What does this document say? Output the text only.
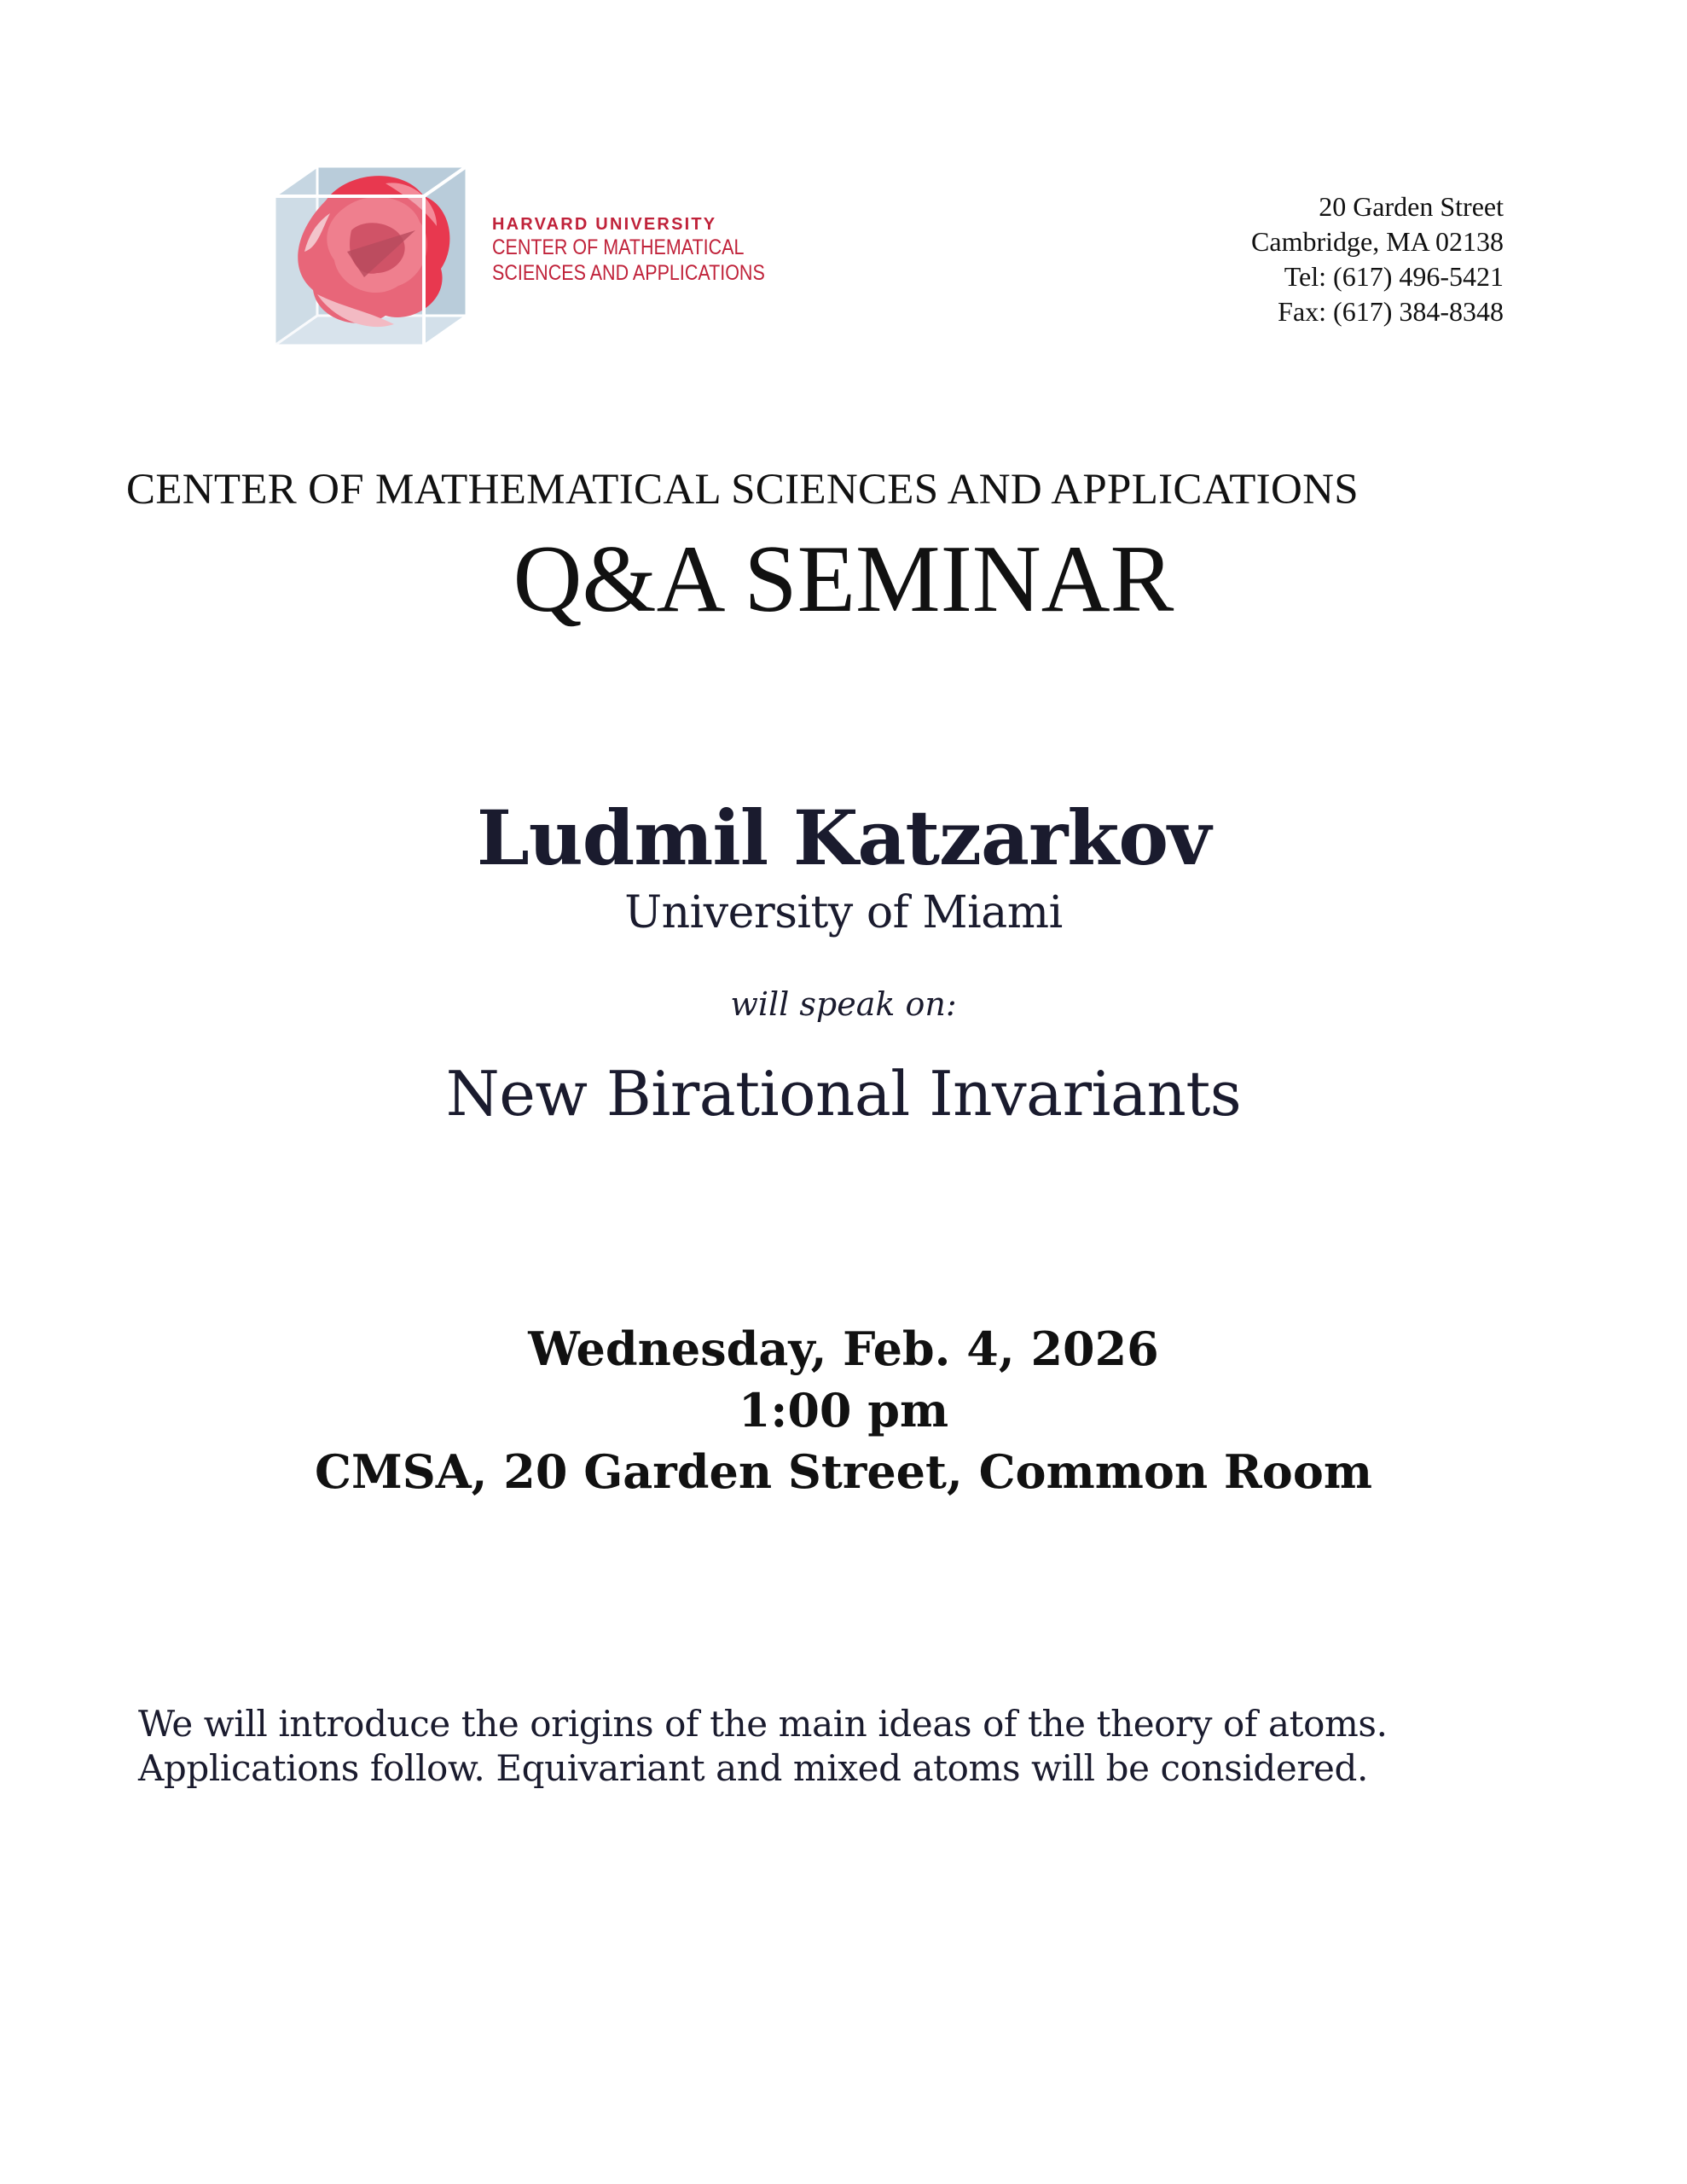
HARVARD UNIVERSITY
CENTER OF MATHEMATICAL
SCIENCES AND APPLICATIONS
20 Garden Street
Cambridge, MA 02138
Tel: (617) 496-5421
Fax: (617) 384-8348
CENTER OF MATHEMATICAL SCIENCES AND APPLICATIONS
Q&A SEMINAR
Ludmil Katzarkov
University of Miami
will speak on:
New Birational Invariants
Wednesday, Feb. 4, 2026
1:00 pm
CMSA, 20 Garden Street, Common Room
We will introduce the origins of the main ideas of the theory of atoms. Applications follow. Equivariant and mixed atoms will be considered.
